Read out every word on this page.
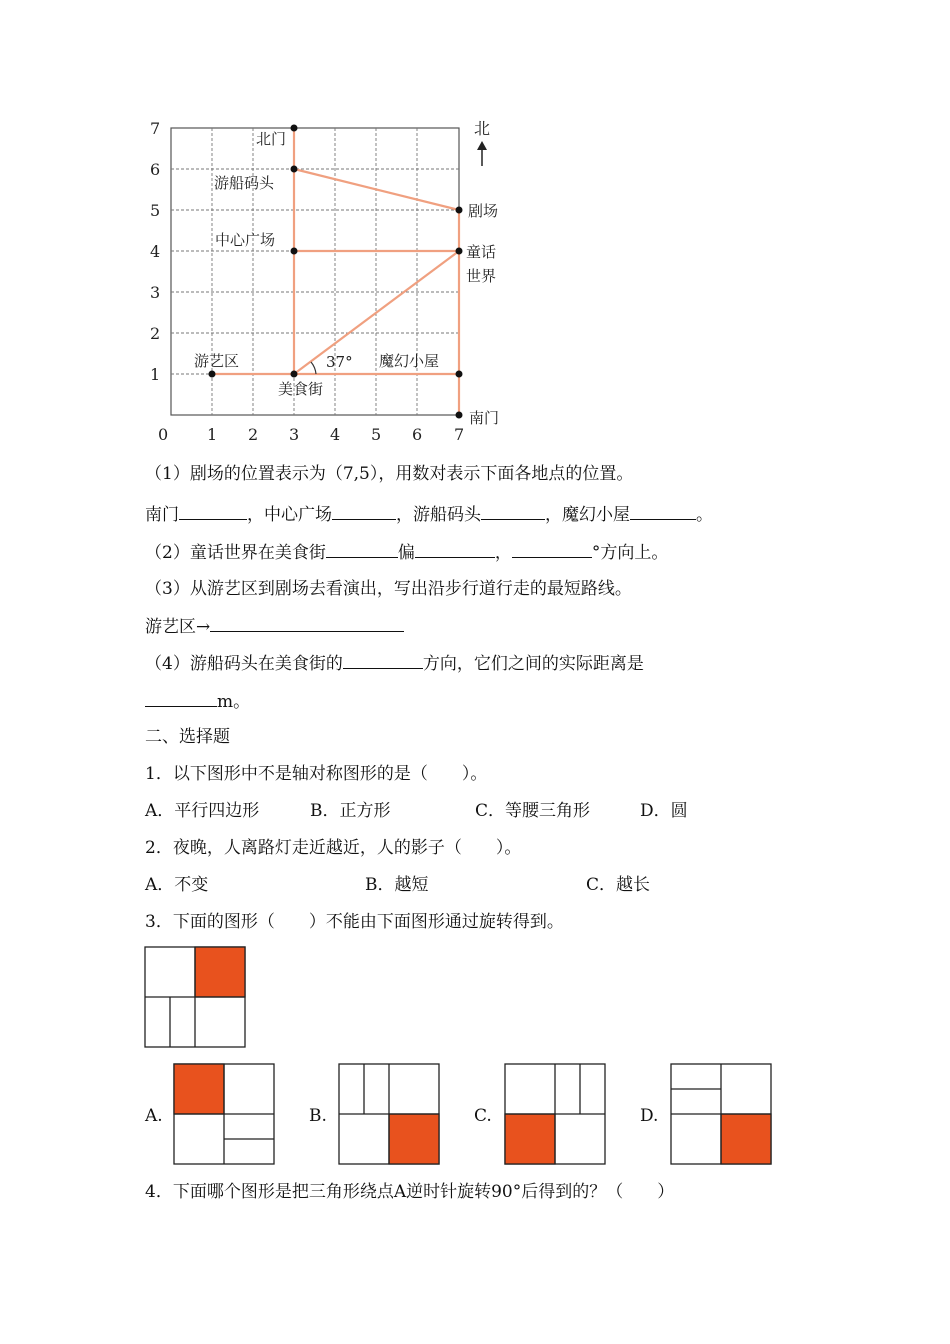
7
6
5
4
3
2
1
0 1 2 3 4 5 6 7
北
北门
游船码头
剧场
中心广场
童话
世界
游艺区
美食街
魔幻小屋
南门
37°
（1）剧场的位置表示为（7,5），用数对表示下面各地点的位置。
南门	，中心广场	，游船码头	，魔幻小屋	。
（2）童话世界在美食街	偏	，	°方向上。
（3）从游艺区到剧场去看演出，写出沿步行道行走的最短路线。
游艺区→
（4）游船码头在美食街的	方向，它们之间的实际距离是
m。
二、选择题
1．以下图形中不是轴对称图形的是（　　）。
A．平行四边形	B．正方形	C．等腰三角形	D．圆
2．夜晚，人离路灯走近越近，人的影子（　　）。
A．不变	B．越短	C．越长
3．下面的图形（　　）不能由下面图形通过旋转得到。
A.	B.	C.	D.
4．下面哪个图形是把三角形绕点A逆时针旋转90°后得到的？（　　）
